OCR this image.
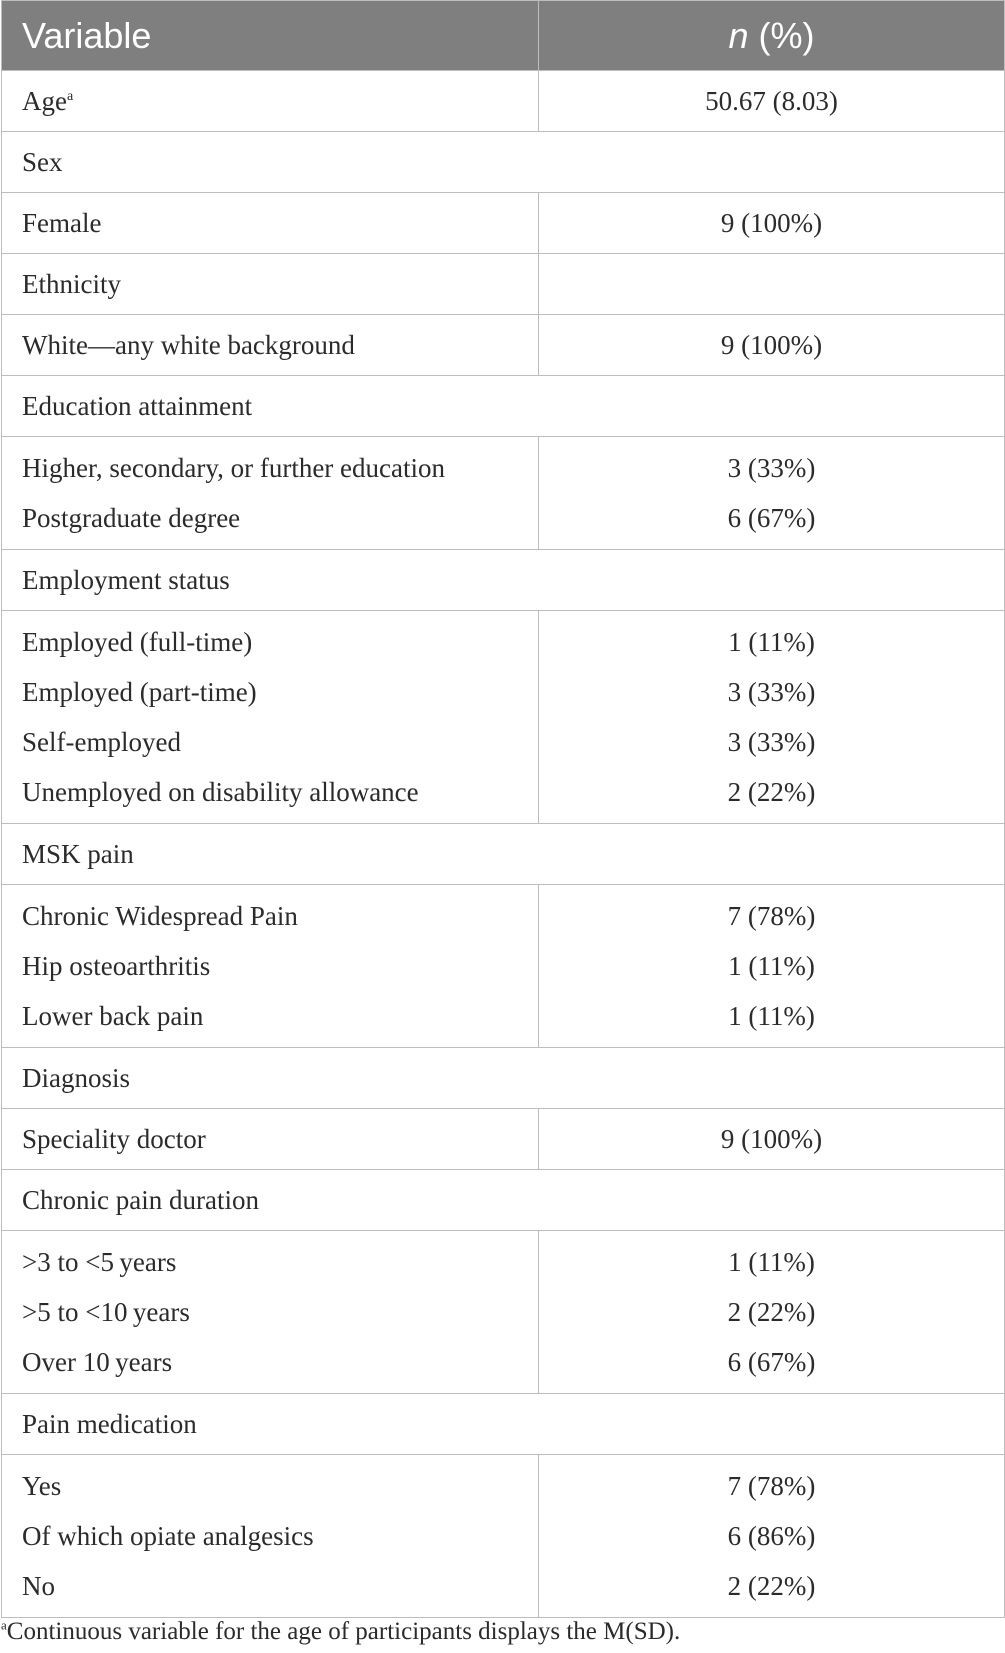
Variable	n (%)
Age$^a$	50.67 (8.03)
Sex	
Female	9 (100%)
Ethnicity	
White—any white background	9 (100%)
Education attainment	
Higher, secondary, or further education	3 (33%)
Postgraduate degree	6 (67%)
Employment status	
Employed (full-time)	1 (11%)
Employed (part-time)	3 (33%)
Self-employed	3 (33%)
Unemployed on disability allowance	2 (22%)
MSK pain	
Chronic Widespread Pain	7 (78%)
Hip osteoarthritis	1 (11%)
Lower back pain	1 (11%)
Diagnosis	
Speciality doctor	9 (100%)
Chronic pain duration	
>3 to <5 years	1 (11%)
>5 to <10 years	2 (22%)
Over 10 years	6 (67%)
Pain medication	
Yes	7 (78%)
Of which opiate analgesics	6 (86%)
No	2 (22%)
$^a$Continuous variable for the age of participants displays the M(SD).
